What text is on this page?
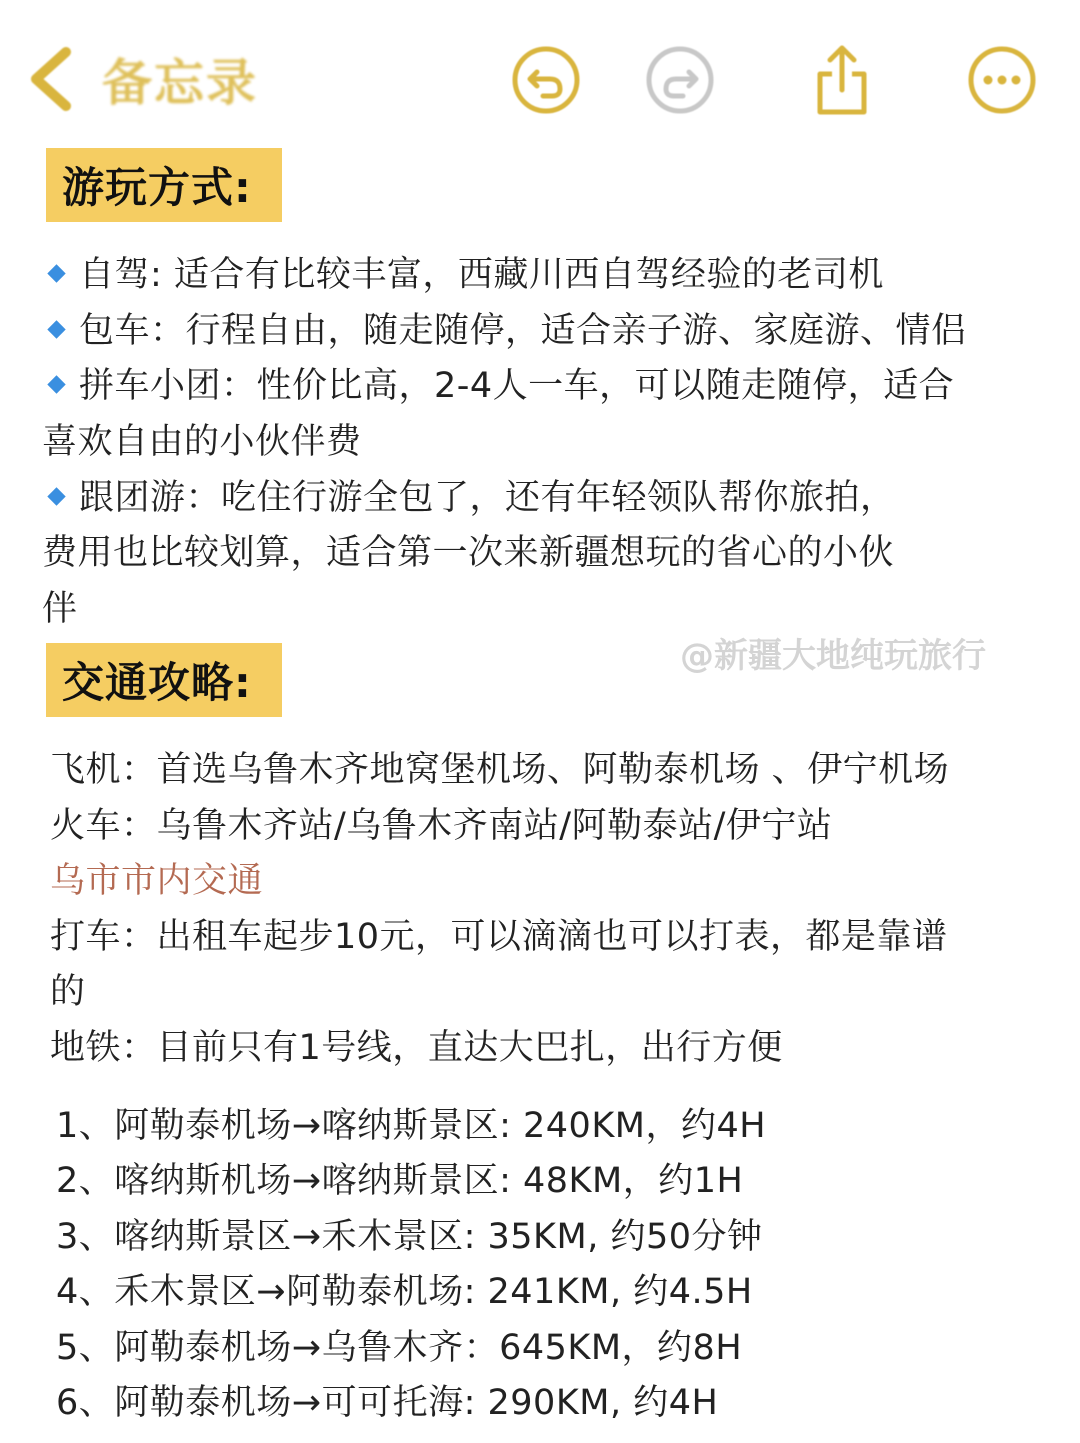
备忘录
游玩方式:
自驾: 适合有比较丰富，西藏川西自驾经验的老司机
包车：行程自由，随走随停，适合亲子游、家庭游、情侣
拼车小团：性价比高，2-4人一车，可以随走随停，适合
喜欢自由的小伙伴费
跟团游：吃住行游全包了，还有年轻领队帮你旅拍，
费用也比较划算，适合第一次来新疆想玩的省心的小伙
伴
@新疆大地纯玩旅行
交通攻略:
飞机：首选乌鲁木齐地窝堡机场、阿勒泰机场 、伊宁机场
火车：乌鲁木齐站/乌鲁木齐南站/阿勒泰站/伊宁站
乌市市内交通
打车：出租车起步10元，可以滴滴也可以打表，都是靠谱
的
地铁：目前只有1号线，直达大巴扎，出行方便
1、阿勒泰机场→喀纳斯景区: 240KM，约4H
2、喀纳斯机场→喀纳斯景区: 48KM，约1H
3、喀纳斯景区→禾木景区: 35KM, 约50分钟
4、禾木景区→阿勒泰机场: 241KM, 约4.5H
5、阿勒泰机场→乌鲁木齐：645KM，约8H
6、阿勒泰机场→可可托海: 290KM, 约4H
